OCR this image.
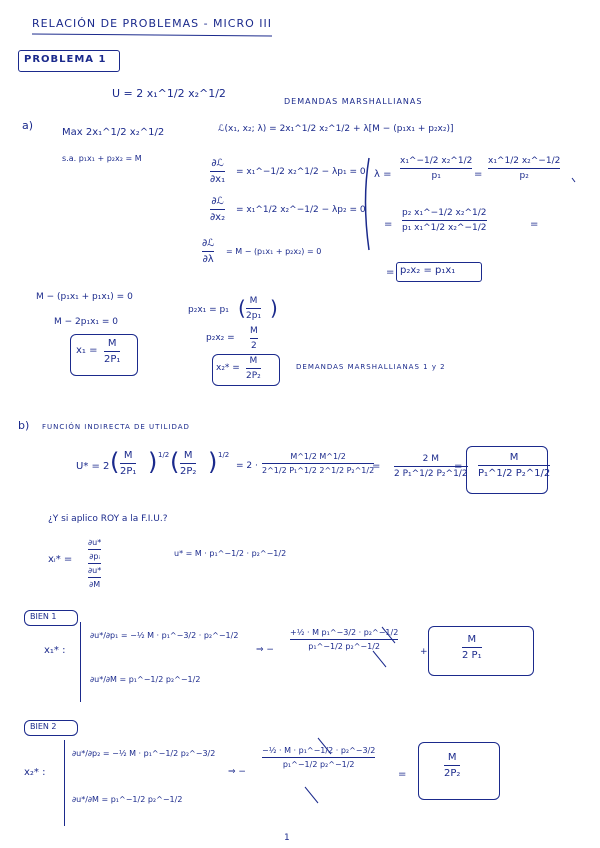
RELACIÓN DE PROBLEMAS - MICRO III
PROBLEMA 1
U = 2 x₁^1/2 x₂^1/2
DEMANDAS MARSHALLIANAS
a)
Max 2x₁^1/2 x₂^1/2
s.a. p₁x₁ + p₂x₂ = M
ℒ(x₁, x₂; λ) = 2x₁^1/2 x₂^1/2 + λ[M − (p₁x₁ + p₂x₂)]
∂ℒ
∂x₁
= x₁^−1/2 x₂^1/2 − λp₁ = 0
∂ℒ
∂x₂
= x₁^1/2 x₂^−1/2 − λp₂ = 0
∂ℒ
∂λ
= M − (p₁x₁ + p₂x₂) = 0
λ =
x₁^−1/2 x₂^1/2
p₁	=
x₁^1/2 x₂^−1/2
p₂
=
p₂ x₁^−1/2 x₂^1/2
p₁ x₁^1/2 x₂^−1/2	=
= p₂x₂ = p₁x₁
M − (p₁x₁ + p₁x₁) = 0
M − 2p₁x₁ = 0
x₁ =
M
2P₁
p₂x₁ = p₁ ( M
2p₁ )
p₂x₂ =
M
2
x₂* =
M
2P₂
DEMANDAS MARSHALLIANAS 1 y 2
b) FUNCIÓN INDIRECTA DE UTILIDAD
U* = 2 ( M
2P₁ ) 1/2 ( M
2P₂ ) 1/2
= 2 ·
M^1/2 M^1/2
2^1/2 P₁^1/2 2^1/2 P₂^1/2
=
2 M
2 P₁^1/2 P₂^1/2
=
M
P₁^1/2 P₂^1/2
¿Y si aplico ROY a la F.I.U.?
xᵢ* =
∂u*
∂pᵢ
∂u*
∂M
u* = M · p₁^−1/2 · p₂^−1/2
BIEN 1
x₁* :
∂u*/∂p₁ = −½ M · p₁^−3/2 · p₂^−1/2
∂u*/∂M = p₁^−1/2 p₂^−1/2
⇒ −
+½ · M p₁^−3/2 · p₂^−1/2
p₁^−1/2 p₂^−1/2
+
M
2 P₁
BIEN 2
x₂* :
∂u*/∂p₂ = −½ M · p₁^−1/2 p₂^−3/2
∂u*/∂M = p₁^−1/2 p₂^−1/2
⇒ −
−½ · M · p₁^−1/2 · p₂^−3/2
p₁^−1/2 p₂^−1/2
=
M
2P₂
1
